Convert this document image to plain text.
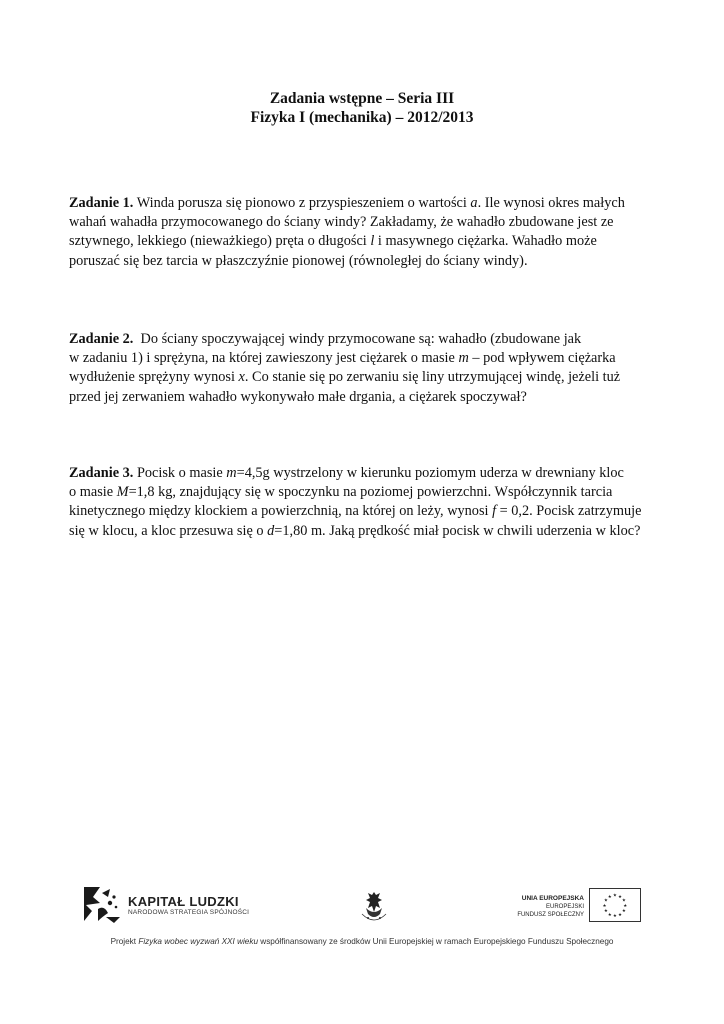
Zadania wstępne – Seria III
Fizyka I (mechanika) – 2012/2013
Zadanie 1. Winda porusza się pionowo z przyspieszeniem o wartości a. Ile wynosi okres małych
wahań wahadła przymocowanego do ściany windy? Zakładamy, że wahadło zbudowane jest ze
sztywnego, lekkiego (nieważkiego) pręta o długości l i masywnego ciężarka. Wahadło może
poruszać się bez tarcia w płaszczyźnie pionowej (równoległej do ściany windy).
Zadanie 2. Do ściany spoczywającej windy przymocowane są: wahadło (zbudowane jak
w zadaniu 1) i sprężyna, na której zawieszony jest ciężarek o masie m – pod wpływem ciężarka
wydłużenie sprężyny wynosi x. Co stanie się po zerwaniu się liny utrzymującej windę, jeżeli tuż
przed jej zerwaniem wahadło wykonywało małe drgania, a ciężarek spoczywał?
Zadanie 3. Pocisk o masie m=4,5g wystrzelony w kierunku poziomym uderza w drewniany kloc
o masie M=1,8 kg, znajdujący się w spoczynku na poziomej powierzchni. Współczynnik tarcia
kinetycznego między klockiem a powierzchnią, na której on leży, wynosi f = 0,2. Pocisk zatrzymuje
się w klocu, a kloc przesuwa się o d=1,80 m. Jaką prędkość miał pocisk w chwili uderzenia w kloc?
KAPITAŁ LUDZKI
NARODOWA STRATEGIA SPÓJNOŚCI
UNIA EUROPEJSKA
EUROPEJSKI
FUNDUSZ SPOŁECZNY
★
★
★
★
★
★
★
★
★ ★ ★
★
Projekt Fizyka wobec wyzwań XXI wieku współfinansowany ze środków Unii Europejskiej w ramach Europejskiego Funduszu Społecznego
